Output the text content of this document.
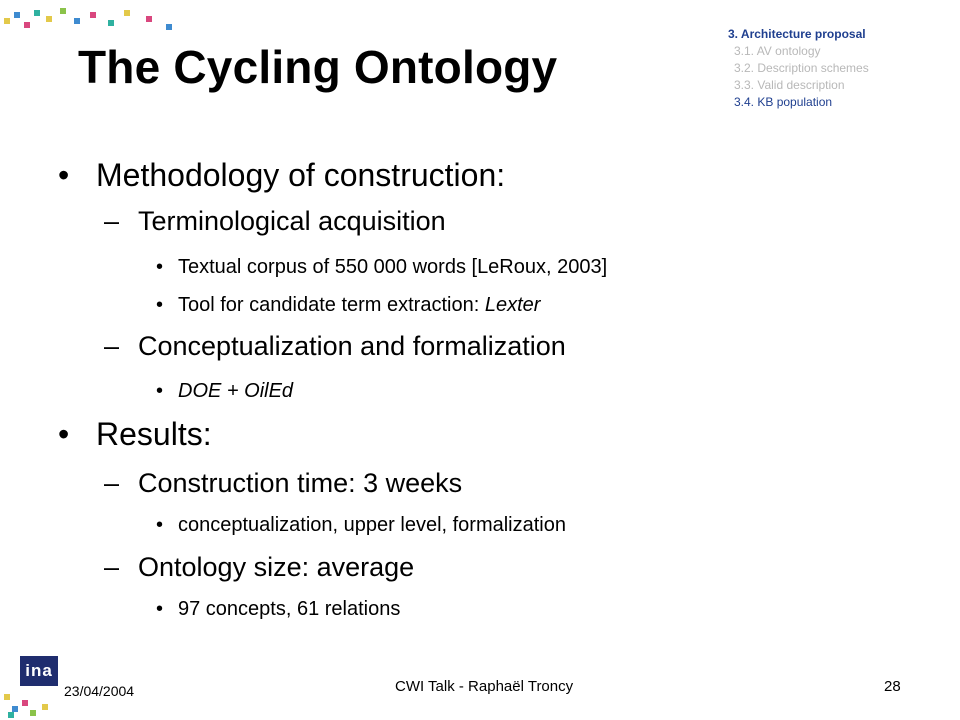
The Cycling Ontology
3. Architecture proposal
3.1. AV ontology
3.2. Description schemes
3.3. Valid description
3.4. KB population
• Methodology of construction:
– Terminological acquisition
• Textual corpus of 550 000 words [LeRoux, 2003]
• Tool for candidate term extraction: Lexter
– Conceptualization and formalization
• DOE + OilEd
• Results:
– Construction time: 3 weeks
• conceptualization, upper level, formalization
– Ontology size: average
• 97 concepts, 61 relations
ina
23/04/2004	CWI Talk - Raphaël Troncy	28
